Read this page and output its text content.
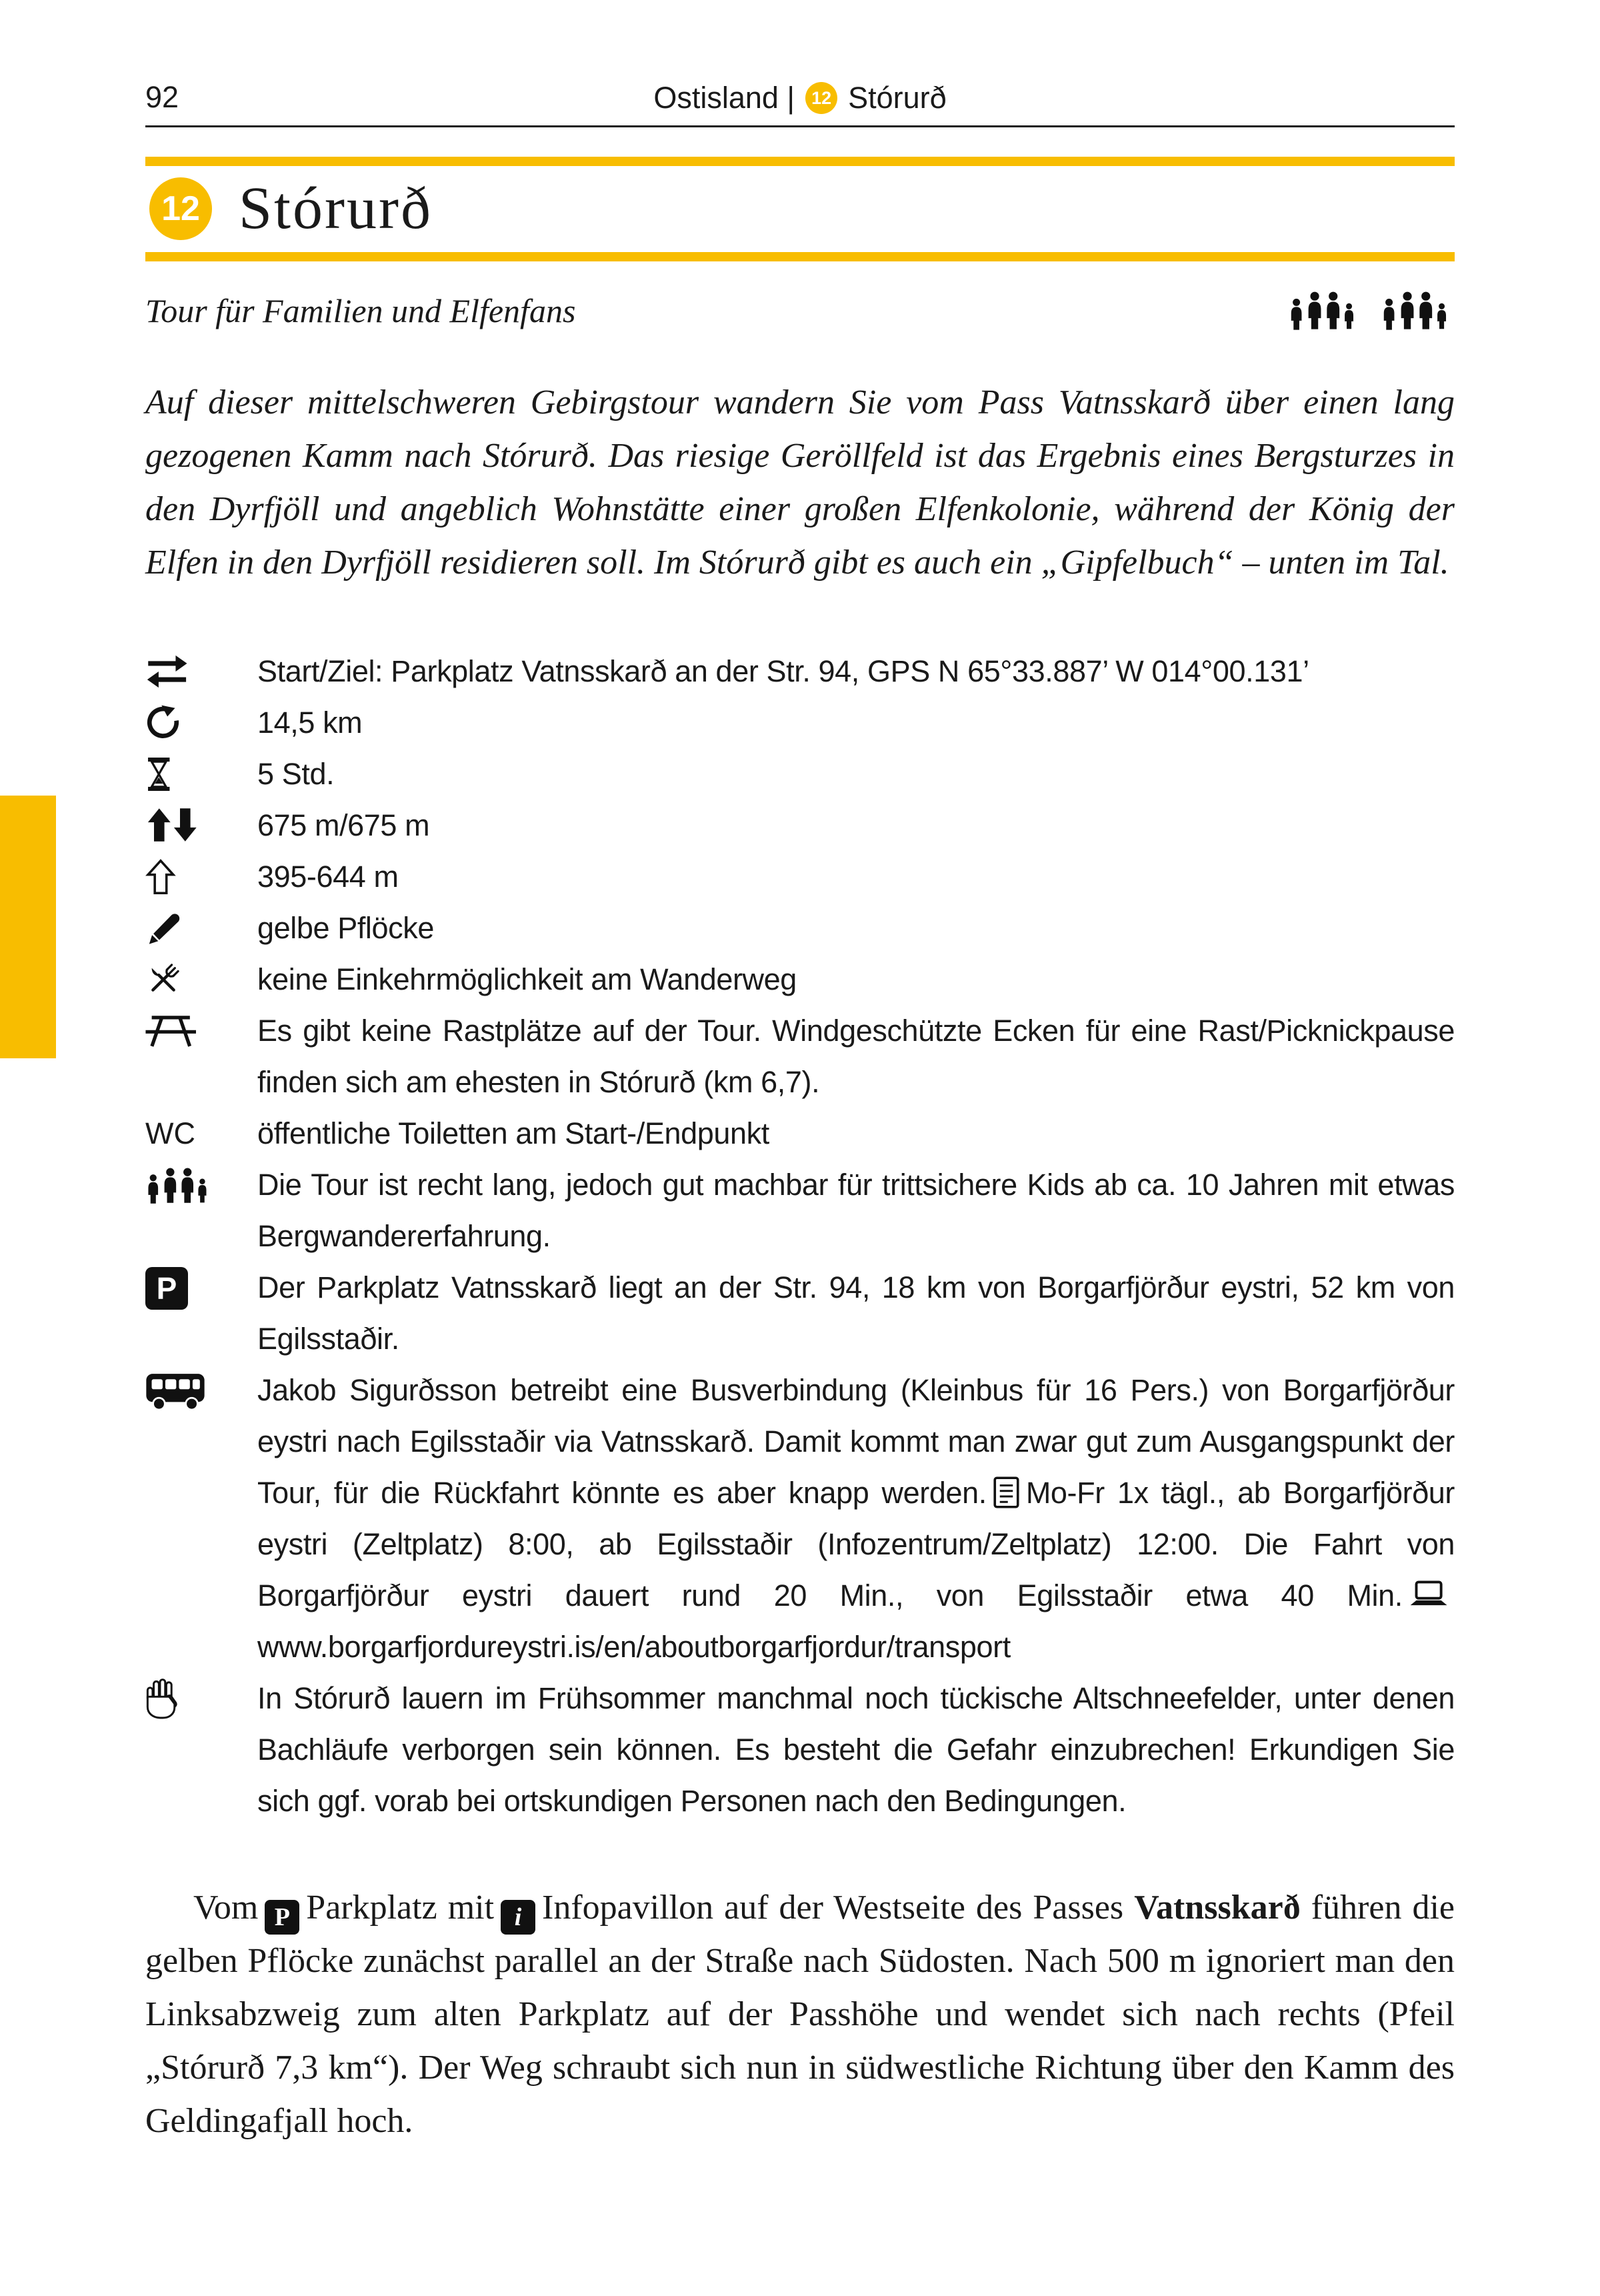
92	Ostisland | 12 Stórurð
12 Stórurð
Tour für Familien und Elfenfans

Auf dieser mittelschweren Gebirgstour wandern Sie vom Pass Vatnsskarð über einen lang gezogenen Kamm nach Stórurð. Das riesige Geröllfeld ist das Ergebnis eines Bergsturzes in den Dyrfjöll und angeblich Wohnstätte einer großen Elfenkolonie, während der König der Elfen in den Dyrfjöll residieren soll. Im Stórurð gibt es auch ein „Gipfelbuch“ – unten im Tal.

Start/Ziel: Parkplatz Vatnsskarð an der Str. 94, GPS N 65°33.887’ W 014°00.131’
14,5 km
5 Std.
675 m/675 m
395-644 m
gelbe Pflöcke
keine Einkehrmöglichkeit am Wanderweg
Es gibt keine Rastplätze auf der Tour. Windgeschützte Ecken für eine Rast/Picknickpause finden sich am ehesten in Stórurð (km 6,7).
WC öffentliche Toiletten am Start-/Endpunkt
Die Tour ist recht lang, jedoch gut machbar für trittsichere Kids ab ca. 10 Jahren mit etwas Bergwandererfahrung.
P	Der Parkplatz Vatnsskarð liegt an der Str. 94, 18 km von Borgarfjörður eystri, 52 km von Egilsstaðir.
Jakob Sigurðsson betreibt eine Busverbindung (Kleinbus für 16 Pers.) von Borgarfjörður eystri nach Egilsstaðir via Vatnsskarð. Damit kommt man zwar gut zum Ausgangspunkt der Tour, für die Rückfahrt könnte es aber knapp werden. Mo-Fr 1x tägl., ab Borgarfjörður eystri (Zeltplatz) 8:00, ab Egilsstaðir (Infozentrum/Zeltplatz) 12:00. Die Fahrt von Borgarfjörður eystri dauert rund 20 Min., von Egilsstaðir etwa 40 Min.www.borgarfjordureystri.is/en/aboutborgarfjordur/transport
In Stórurð lauern im Frühsommer manchmal noch tückische Altschneefelder, unter denen Bachläufe verborgen sein können. Es besteht die Gefahr einzubrechen! Erkundigen Sie sich ggf. vorab bei ortskundigen Personen nach den Bedingungen.

Vom P Parkplatz mit i Infopavillon auf der Westseite des Passes Vatnsskarð führen die gelben Pflöcke zunächst parallel an der Straße nach Südosten. Nach 500 m ignoriert man den Linksabzweig zum alten Parkplatz auf der Passhöhe und wendet sich nach rechts (Pfeil „Stórurð 7,3 km“). Der Weg schraubt sich nun in südwestliche Richtung über den Kamm des Geldingafjall hoch.
